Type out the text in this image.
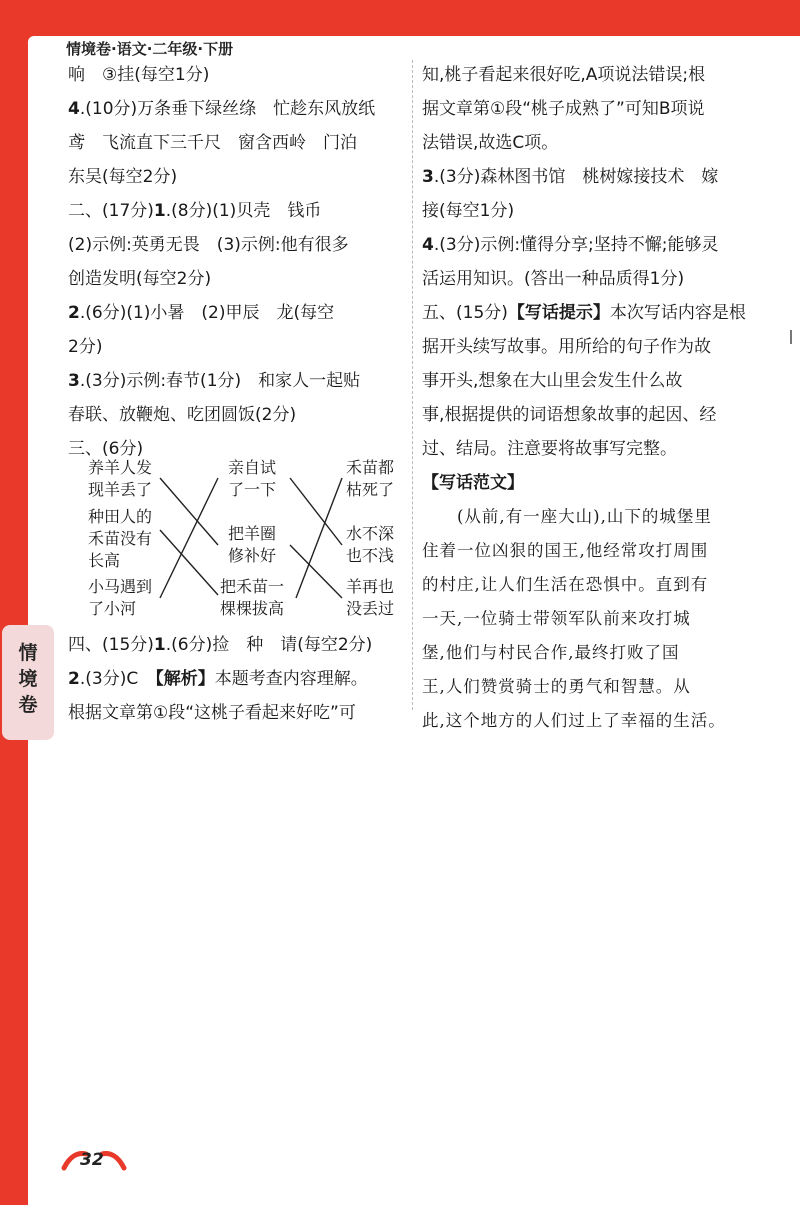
情境卷·语文·二年级·下册
响　③挂(每空1分)
4.(10分)万条垂下绿丝绦　忙趁东风放纸
鸢　飞流直下三千尺　窗含西岭　门泊
东吴(每空2分)
二、(17分)1.(8分)(1)贝壳　钱币
(2)示例:英勇无畏　(3)示例:他有很多
创造发明(每空2分)
2.(6分)(1)小暑　(2)甲辰　龙(每空
2分)
3.(3分)示例:春节(1分)　和家人一起贴
春联、放鞭炮、吃团圆饭(2分)
三、(6分)
养羊人发
现羊丢了
种田人的
禾苗没有
长高
小马遇到
了小河
亲自试
了一下
把羊圈
修补好
把禾苗一
棵棵拔高
禾苗都
枯死了
水不深
也不浅
羊再也
没丢过
四、(15分)1.(6分)捡　种　请(每空2分)
2.(3分)C　【解析】本题考查内容理解。
根据文章第①段“这桃子看起来好吃”可
知,桃子看起来很好吃,A项说法错误;根
据文章第①段“桃子成熟了”可知B项说
法错误,故选C项。
3.(3分)森林图书馆　桃树嫁接技术　嫁
接(每空1分)
4.(3分)示例:懂得分享;坚持不懈;能够灵
活运用知识。(答出一种品质得1分)
五、(15分)【写话提示】本次写话内容是根
据开头续写故事。用所给的句子作为故
事开头,想象在大山里会发生什么故
事,根据提供的词语想象故事的起因、经
过、结局。注意要将故事写完整。
【写话范文】
　　(从前,有一座大山),山下的城堡里
住着一位凶狠的国王,他经常攻打周围
的村庄,让人们生活在恐惧中。直到有
一天,一位骑士带领军队前来攻打城
堡,他们与村民合作,最终打败了国
王,人们赞赏骑士的勇气和智慧。从
此,这个地方的人们过上了幸福的生活。
情境卷
32
